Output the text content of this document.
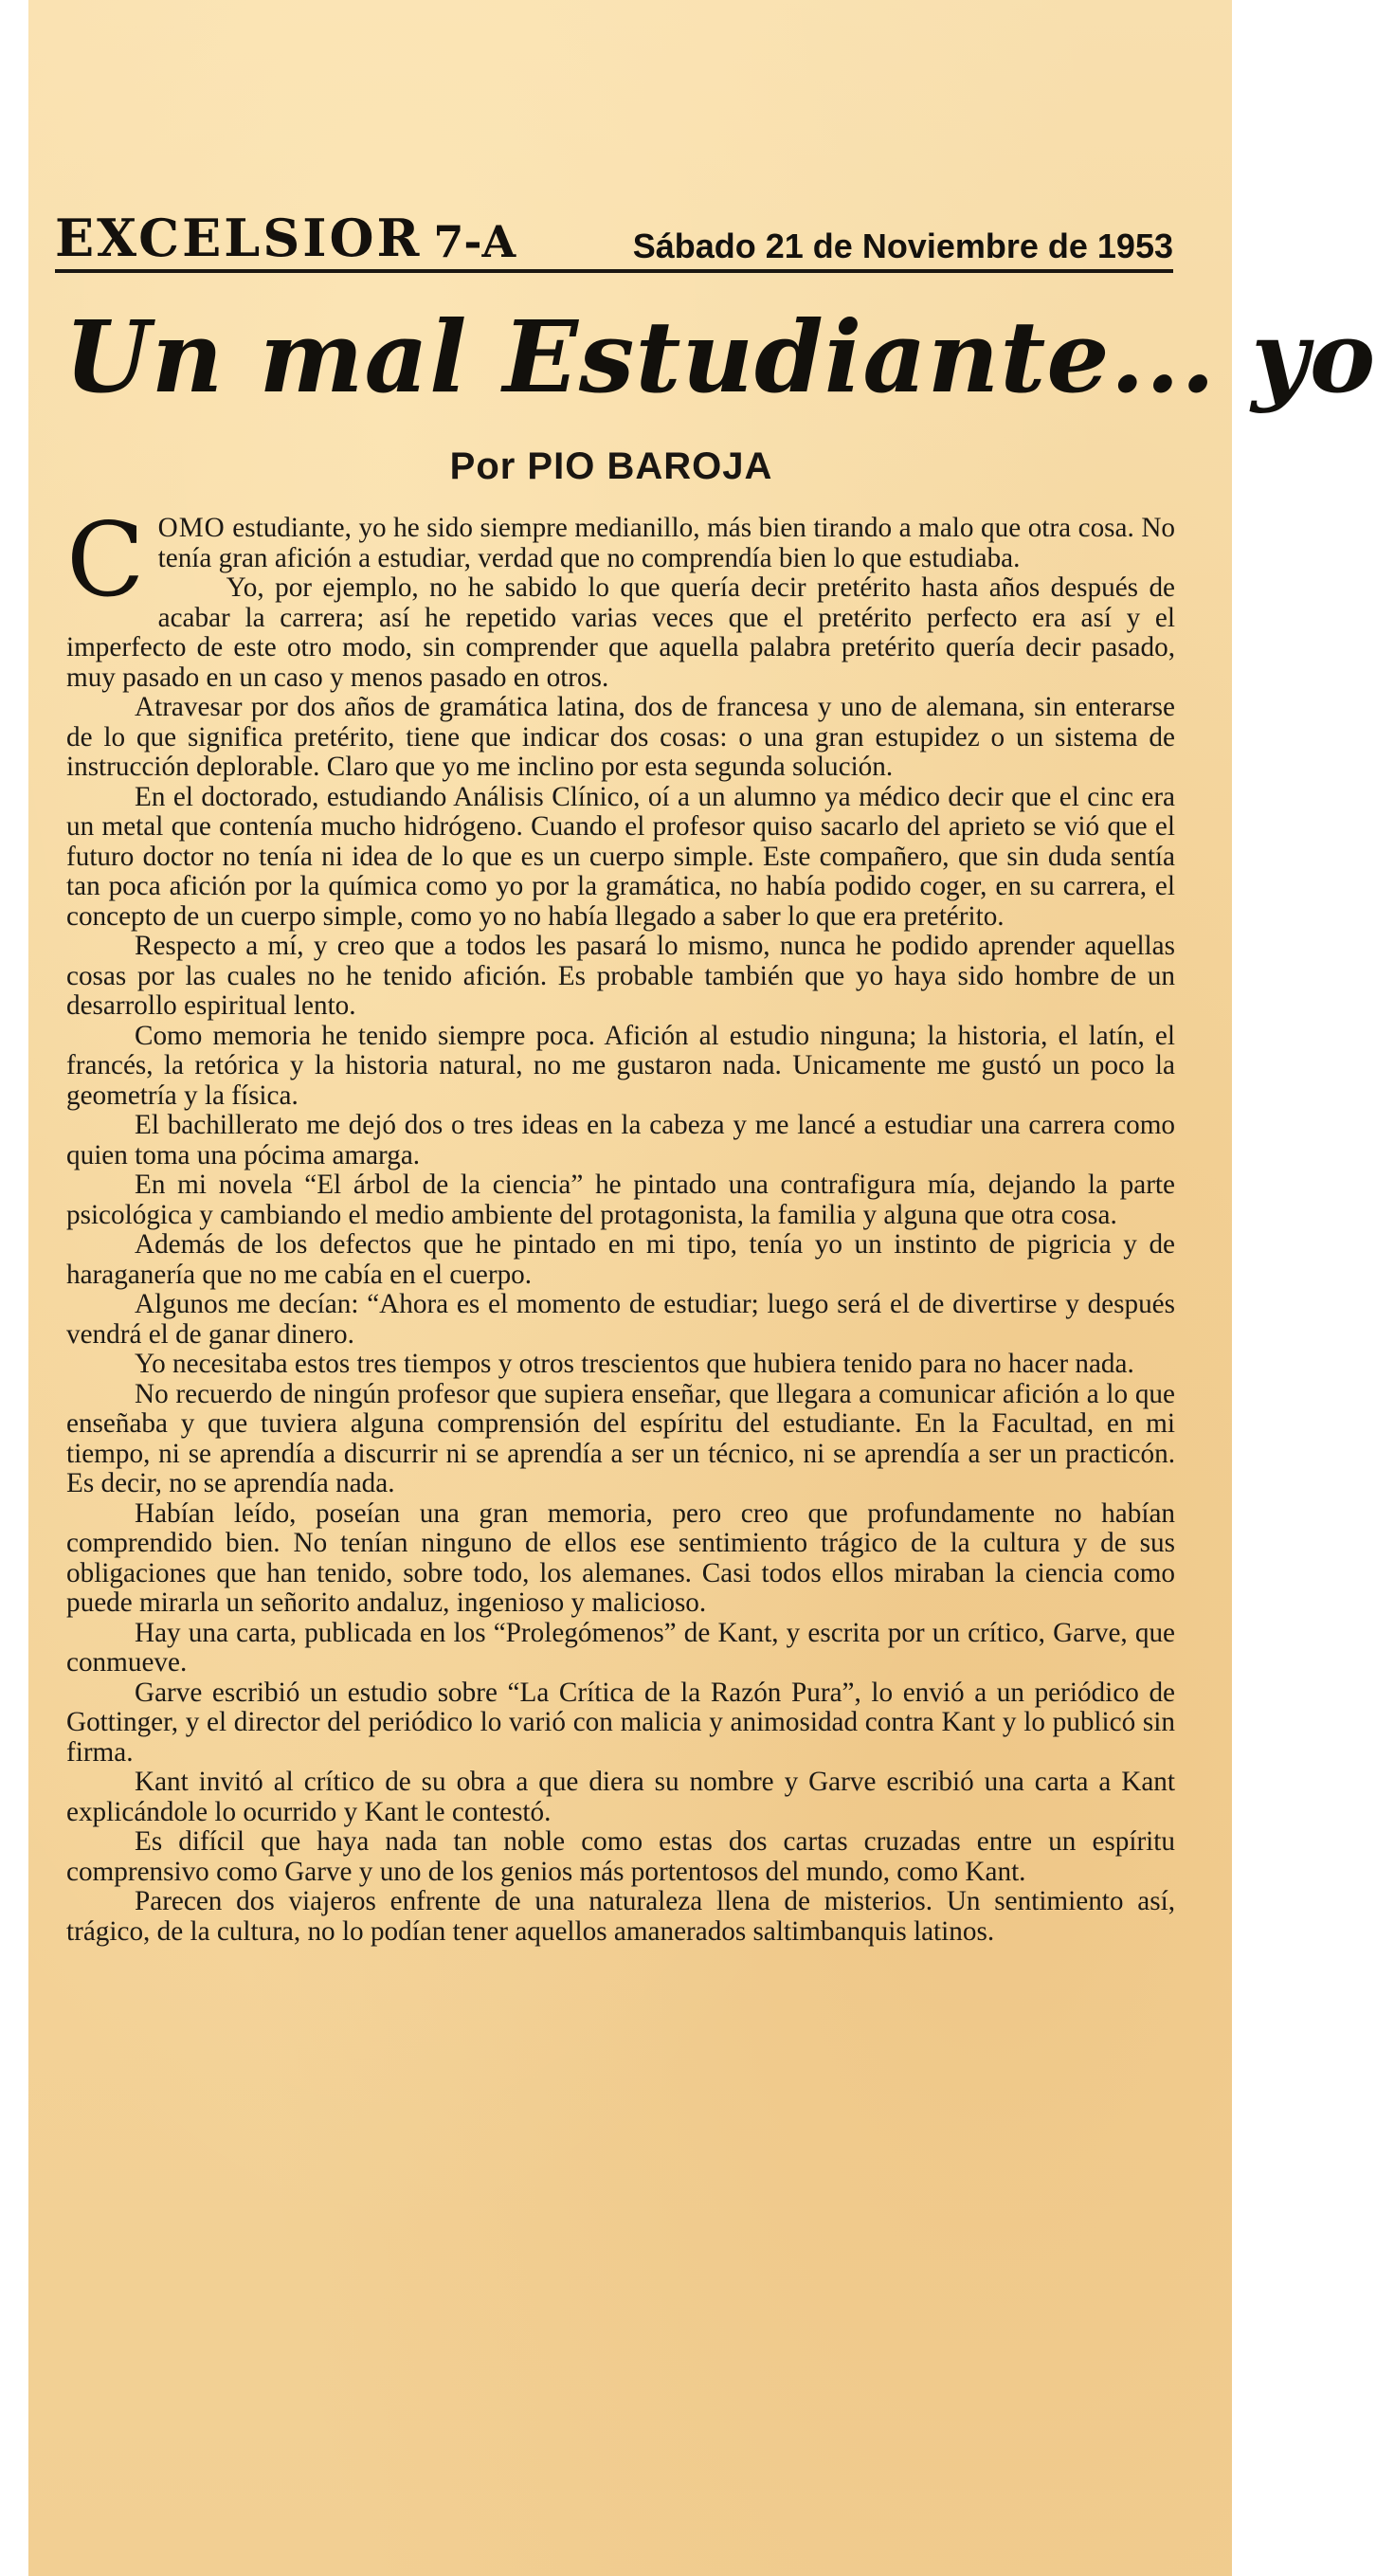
EXCELSIOR 7-A	Sábado 21 de Noviembre de 1953
Un mal Estudiante... yo
Por PIO BAROJA

COMO estudiante, yo he sido siempre medianillo, más bien tirando a malo que otra cosa. No tenía gran afición a estudiar, verdad que no comprendía bien lo que estudiaba.

Yo, por ejemplo, no he sabido lo que quería decir pretérito hasta años después de acabar la carrera; así he repetido varias veces que el pretérito perfecto era así y el imperfecto de este otro modo, sin comprender que aquella palabra pretérito quería decir pasado, muy pasado en un caso y menos pasado en otros.

Atravesar por dos años de gramática latina, dos de francesa y uno de alemana, sin enterarse de lo que significa pretérito, tiene que indicar dos cosas: o una gran estupidez o un sistema de instrucción deplorable. Claro que yo me inclino por esta segunda solución.

En el doctorado, estudiando Análisis Clínico, oí a un alumno ya médico decir que el cinc era un metal que contenía mucho hidrógeno. Cuando el profesor quiso sacarlo del aprieto se vió que el futuro doctor no tenía ni idea de lo que es un cuerpo simple. Este compañero, que sin duda sentía tan poca afición por la química como yo por la gramática, no había podido coger, en su carrera, el concepto de un cuerpo simple, como yo no había llegado a saber lo que era pretérito.

Respecto a mí, y creo que a todos les pasará lo mismo, nunca he podido aprender aquellas cosas por las cuales no he tenido afición. Es probable también que yo haya sido hombre de un desarrollo espiritual lento.

Como memoria he tenido siempre poca. Afición al estudio ninguna; la historia, el latín, el francés, la retórica y la historia natural, no me gustaron nada. Unicamente me gustó un poco la geometría y la física.

El bachillerato me dejó dos o tres ideas en la cabeza y me lancé a estudiar una carrera como quien toma una pócima amarga.

En mi novela “El árbol de la ciencia” he pintado una contrafigura mía, dejando la parte psicológica y cambiando el medio ambiente del protagonista, la familia y alguna que otra cosa.

Además de los defectos que he pintado en mi tipo, tenía yo un instinto de pigricia y de haraganería que no me cabía en el cuerpo.

Algunos me decían: “Ahora es el momento de estudiar; luego será el de divertirse y después vendrá el de ganar dinero.

Yo necesitaba estos tres tiempos y otros trescientos que hubiera tenido para no hacer nada.

No recuerdo de ningún profesor que supiera enseñar, que llegara a comunicar afición a lo que enseñaba y que tuviera alguna comprensión del espíritu del estudiante. En la Facultad, en mi tiempo, ni se aprendía a discurrir ni se aprendía a ser un técnico, ni se aprendía a ser un practicón. Es decir, no se aprendía nada.

Habían leído, poseían una gran memoria, pero creo que profundamente no habían comprendido bien. No tenían ninguno de ellos ese sentimiento trágico de la cultura y de sus obligaciones que han tenido, sobre todo, los alemanes. Casi todos ellos miraban la ciencia como puede mirarla un señorito andaluz, ingenioso y malicioso.

Hay una carta, publicada en los “Prolegómenos” de Kant, y escrita por un crítico, Garve, que conmueve.

Garve escribió un estudio sobre “La Crítica de la Razón Pura”, lo envió a un periódico de Gottinger, y el director del periódico lo varió con malicia y animosidad contra Kant y lo publicó sin firma.

Kant invitó al crítico de su obra a que diera su nombre y Garve escribió una carta a Kant explicándole lo ocurrido y Kant le contestó.

Es difícil que haya nada tan noble como estas dos cartas cruzadas entre un espíritu comprensivo como Garve y uno de los genios más portentosos del mundo, como Kant.

Parecen dos viajeros enfrente de una naturaleza llena de misterios. Un sentimiento así, trágico, de la cultura, no lo podían tener aquellos amanerados saltimbanquis latinos.
